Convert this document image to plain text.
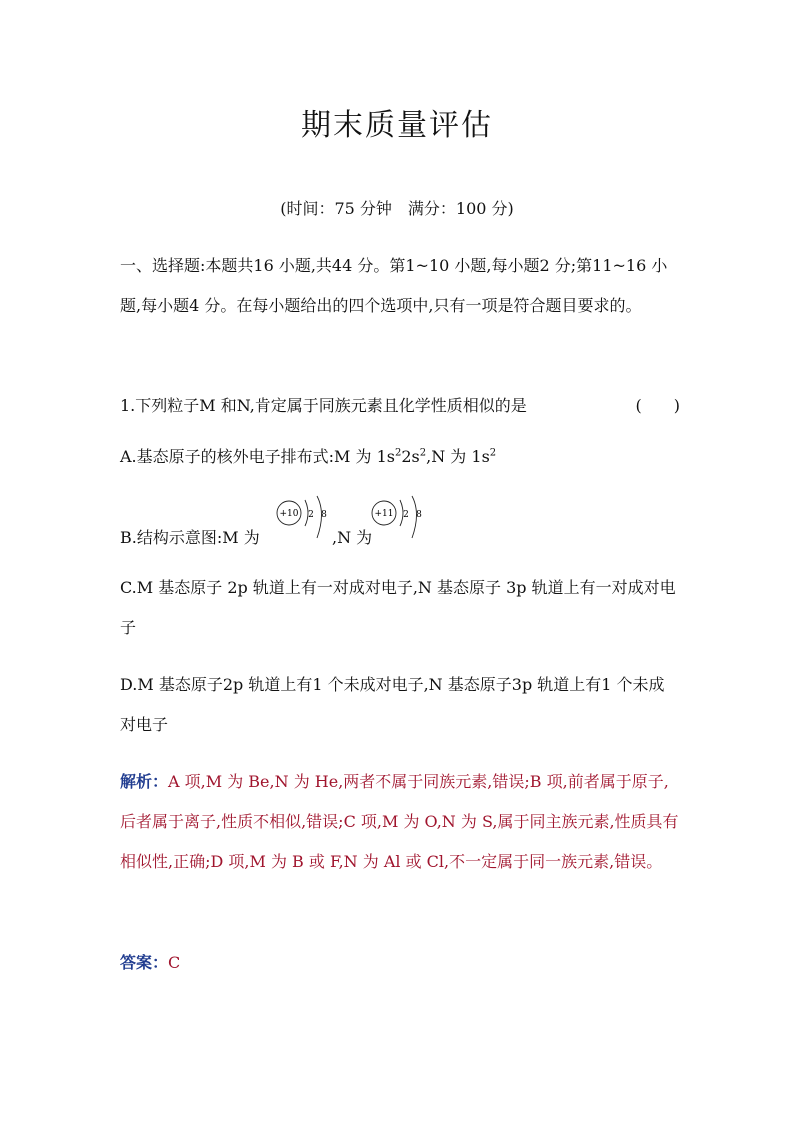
期末质量评估
(时间：75 分钟　满分：100 分)
一、选择题:本题共16 小题,共44 分。第1~10 小题,每小题2 分;第11~16 小题,每小题4 分。在每小题给出的四个选项中,只有一项是符合题目要求的。
1.下列粒子M 和N,肯定属于同族元素且化学性质相似的是	(　　)
A.基态原子的核外电子排布式:M 为 $1s^22s^2,N$ 为 $1s^2$
B.结构示意图:M 为
+10 2 8
,N 为
+11 2 8
C.M 基态原子 2p 轨道上有一对成对电子,N 基态原子 3p 轨道上有一对成对电子
D.M 基态原子2p 轨道上有1 个未成对电子,N 基态原子3p 轨道上有1 个未成对电子
解析：A 项,M 为 Be,N 为 He,两者不属于同族元素,错误;B 项,前者属于原子,后者属于离子,性质不相似,错误;C 项,M 为 O,N 为 S,属于同主族元素,性质具有相似性,正确;D 项,M 为 B 或 F,N 为 Al 或 Cl,不一定属于同一族元素,错误。
答案：C
